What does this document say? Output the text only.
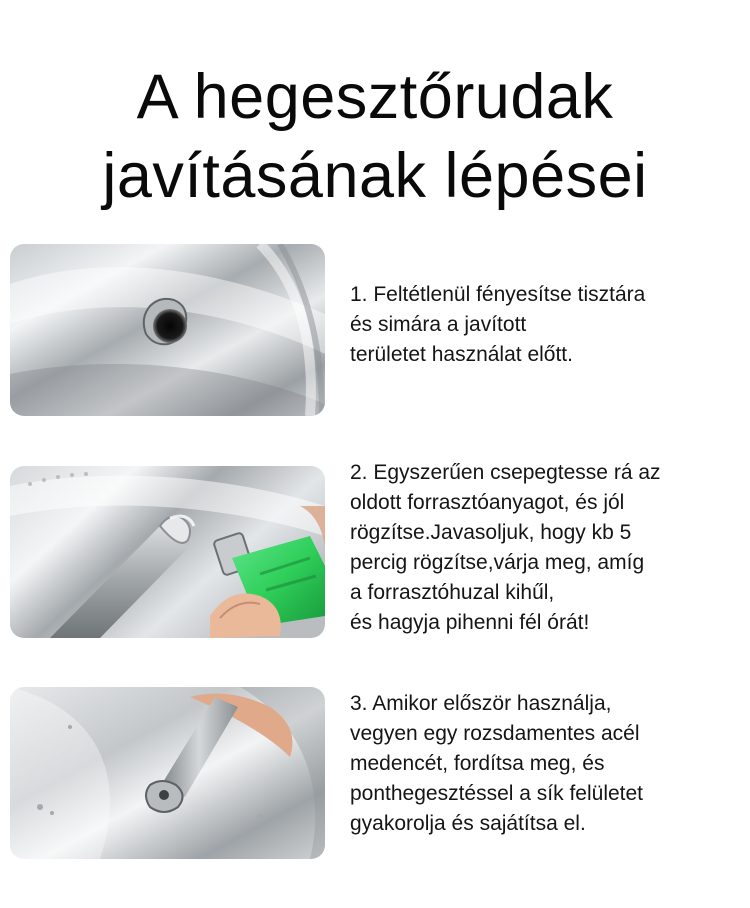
A hegesztőrudak
javításának lépései
1. Feltétlenül fényesítse tisztára
és simára a javított
területet használat előtt.
2. Egyszerűen csepegtesse rá az
oldott forrasztóanyagot, és jól
rögzítse.Javasoljuk, hogy kb 5
percig rögzítse,várja meg, amíg
a forrasztóhuzal kihűl,
és hagyja pihenni fél órát!
3. Amikor először használja,
vegyen egy rozsdamentes acél
medencét, fordítsa meg, és
ponthegesztéssel a sík felületet
gyakorolja és sajátítsa el.
